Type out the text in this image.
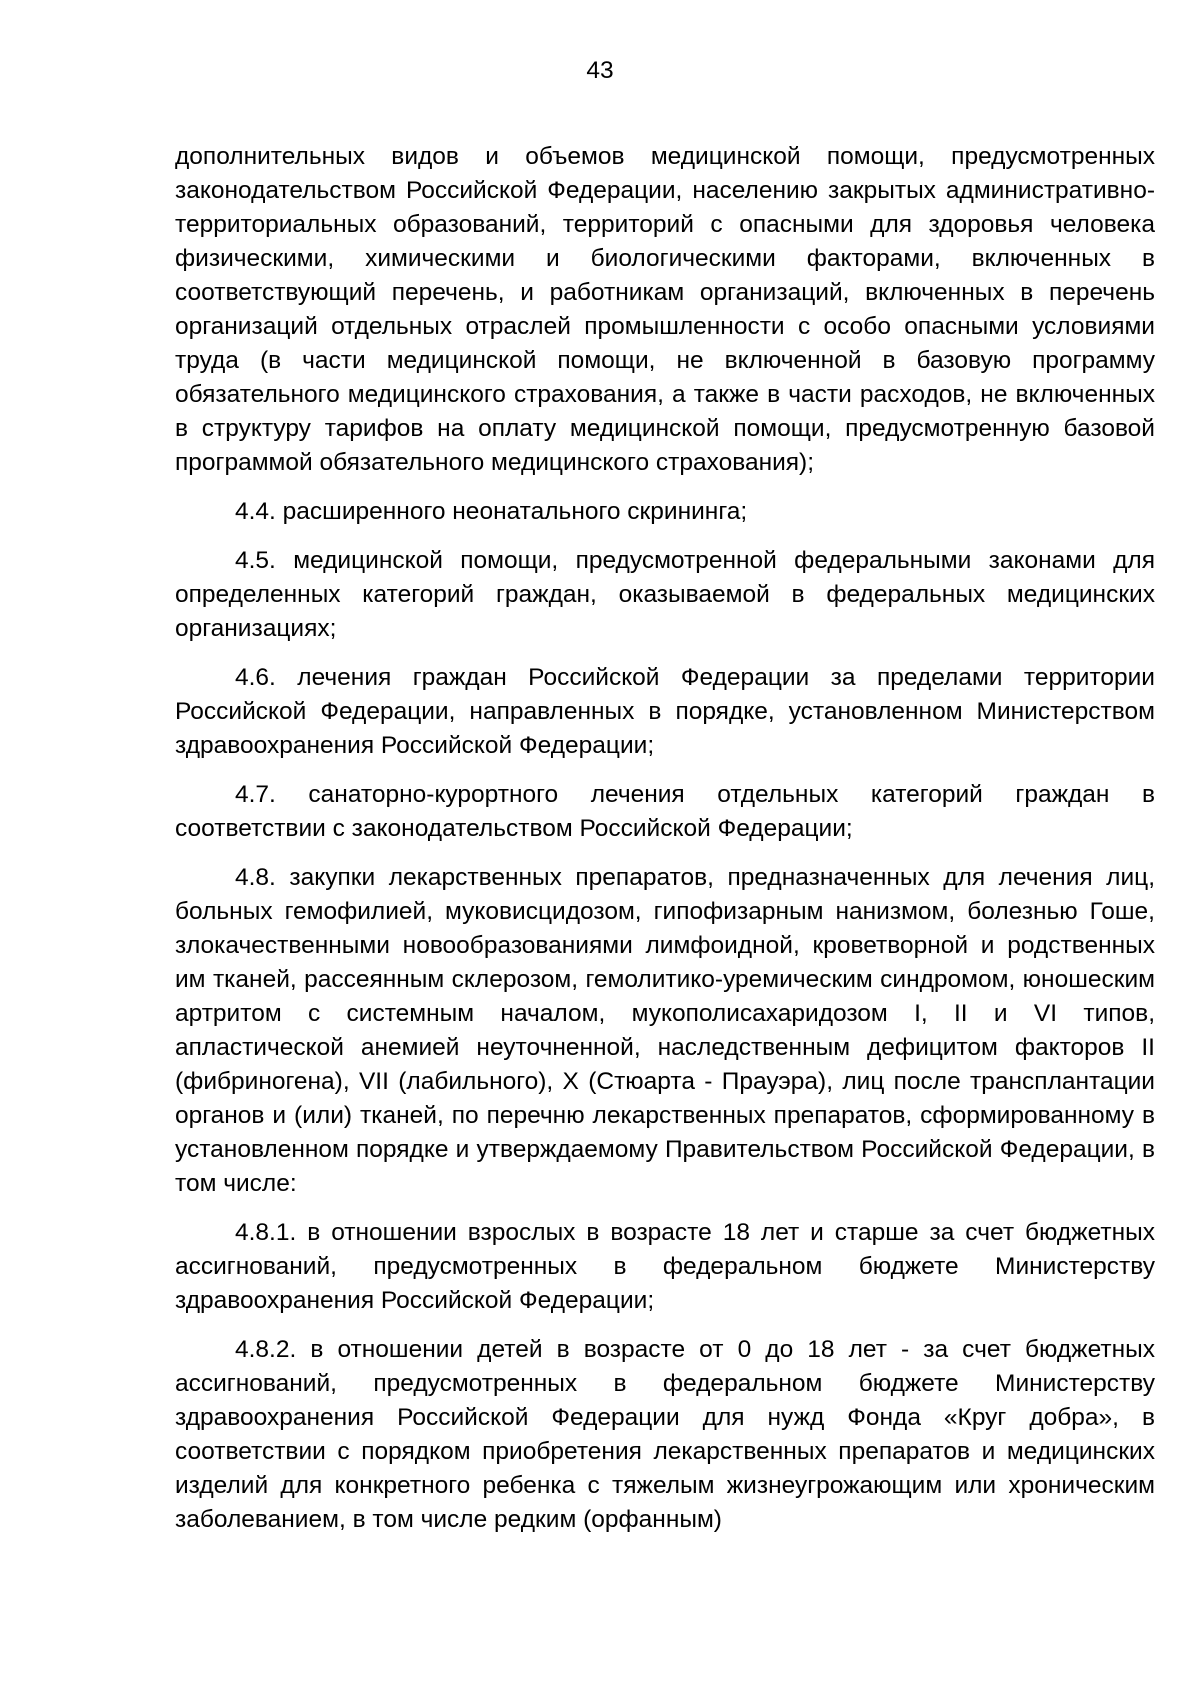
43

дополнительных видов и объемов медицинской помощи, предусмотренных законодательством Российской Федерации, населению закрытых административно-территориальных образований, территорий с опасными для здоровья человека физическими, химическими и биологическими факторами, включенных в соответствующий перечень, и работникам организаций, включенных в перечень организаций отдельных отраслей промышленности с особо опасными условиями труда (в части медицинской помощи, не включенной в базовую программу обязательного медицинского страхования, а также в части расходов, не включенных в структуру тарифов на оплату медицинской помощи, предусмотренную базовой программой обязательного медицинского страхования);

4.4. расширенного неонатального скрининга;

4.5. медицинской помощи, предусмотренной федеральными законами для определенных категорий граждан, оказываемой в федеральных медицинских организациях;

4.6. лечения граждан Российской Федерации за пределами территории Российской Федерации, направленных в порядке, установленном Министерством здравоохранения Российской Федерации;

4.7. санаторно-курортного лечения отдельных категорий граждан в соответствии с законодательством Российской Федерации;

4.8. закупки лекарственных препаратов, предназначенных для лечения лиц, больных гемофилией, муковисцидозом, гипофизарным нанизмом, болезнью Гоше, злокачественными новообразованиями лимфоидной, кроветворной и родственных им тканей, рассеянным склерозом, гемолитико-уремическим синдромом, юношеским артритом с системным началом, мукополисахаридозом I, II и VI типов, апластической анемией неуточненной, наследственным дефицитом факторов II (фибриногена), VII (лабильного), X (Стюарта - Прауэра), лиц после трансплантации органов и (или) тканей, по перечню лекарственных препаратов, сформированному в установленном порядке и утверждаемому Правительством Российской Федерации, в том числе:

4.8.1. в отношении взрослых в возрасте 18 лет и старше за счет бюджетных ассигнований, предусмотренных в федеральном бюджете Министерству здравоохранения Российской Федерации;

4.8.2. в отношении детей в возрасте от 0 до 18 лет - за счет бюджетных ассигнований, предусмотренных в федеральном бюджете Министерству здравоохранения Российской Федерации для нужд Фонда «Круг добра», в соответствии с порядком приобретения лекарственных препаратов и медицинских изделий для конкретного ребенка с тяжелым жизнеугрожающим или хроническим заболеванием, в том числе редким (орфанным)
